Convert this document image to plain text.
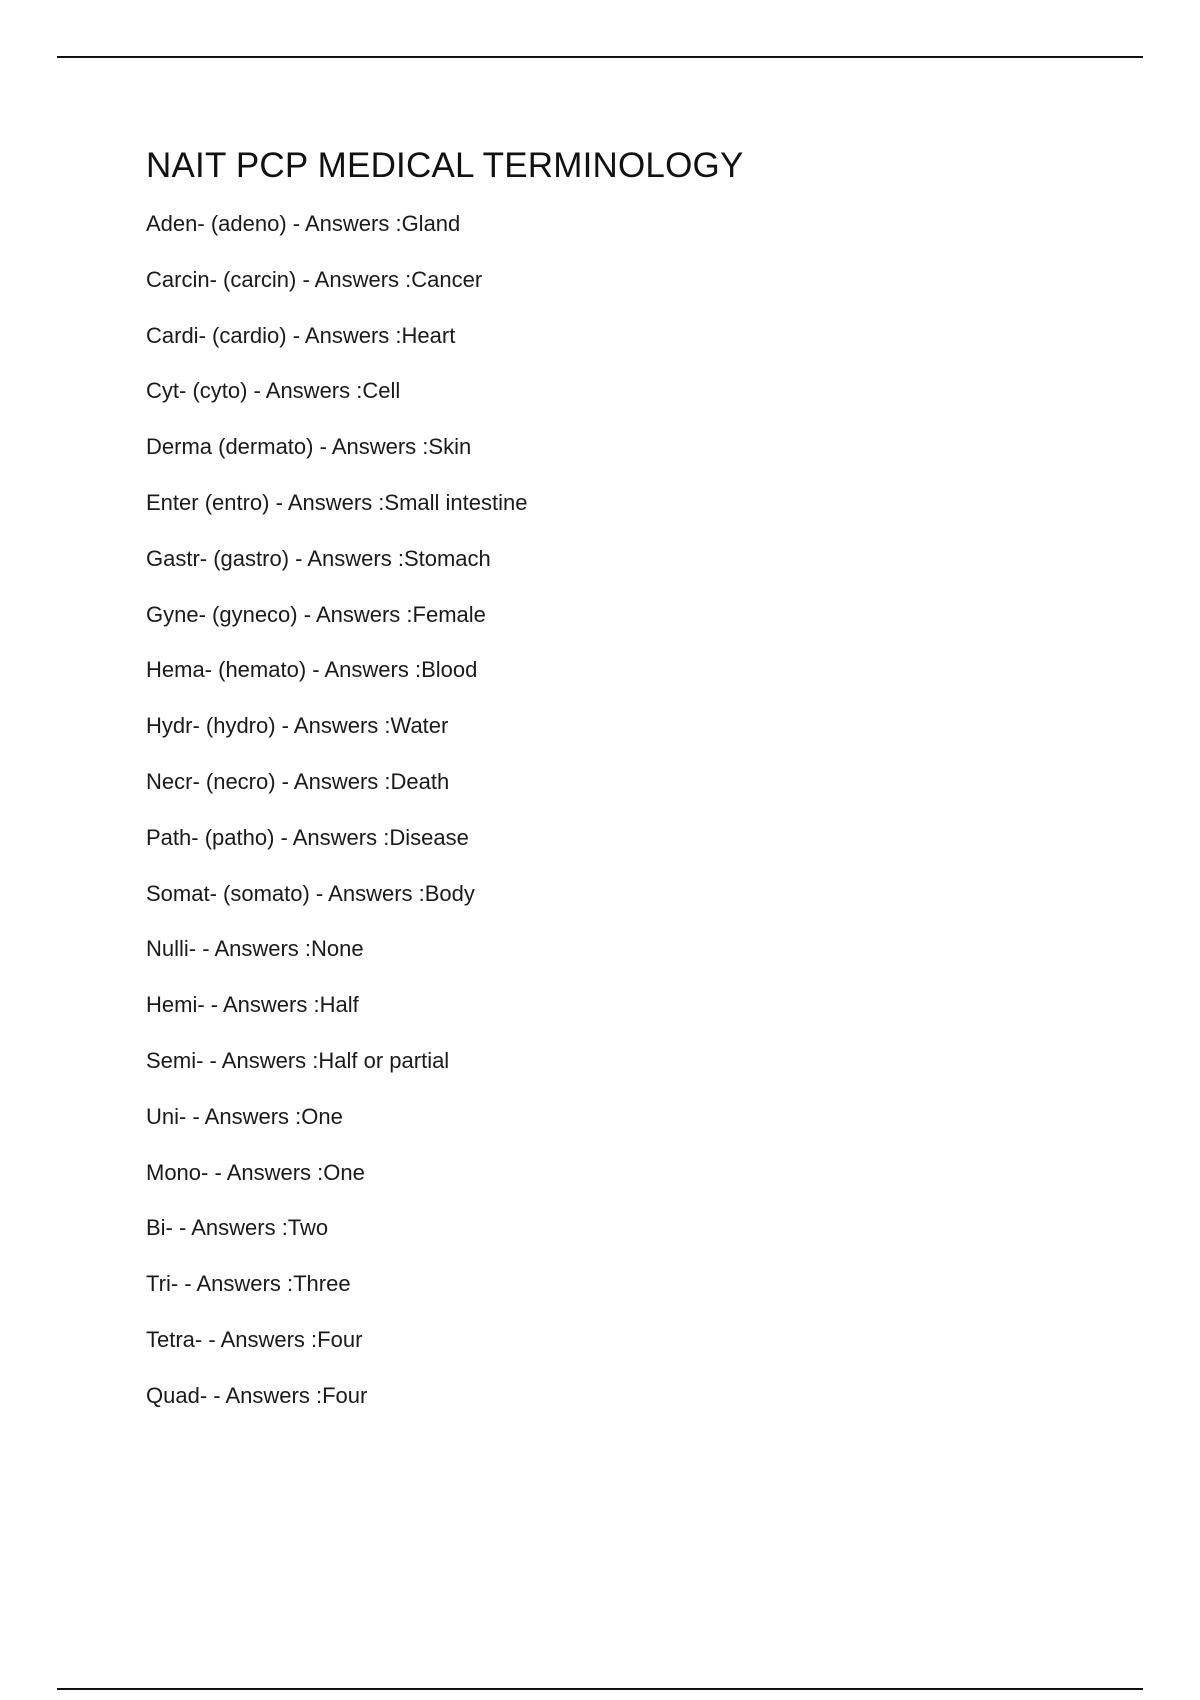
NAIT PCP MEDICAL TERMINOLOGY
Aden- (adeno) - Answers :Gland
Carcin- (carcin) - Answers :Cancer
Cardi- (cardio) - Answers :Heart
Cyt- (cyto) - Answers :Cell
Derma (dermato) - Answers :Skin
Enter (entro) - Answers :Small intestine
Gastr- (gastro) - Answers :Stomach
Gyne- (gyneco) - Answers :Female
Hema- (hemato) - Answers :Blood
Hydr- (hydro) - Answers :Water
Necr- (necro) - Answers :Death
Path- (patho) - Answers :Disease
Somat- (somato) - Answers :Body
Nulli- - Answers :None
Hemi- - Answers :Half
Semi- - Answers :Half or partial
Uni- - Answers :One
Mono- - Answers :One
Bi- - Answers :Two
Tri- - Answers :Three
Tetra- - Answers :Four
Quad- - Answers :Four
